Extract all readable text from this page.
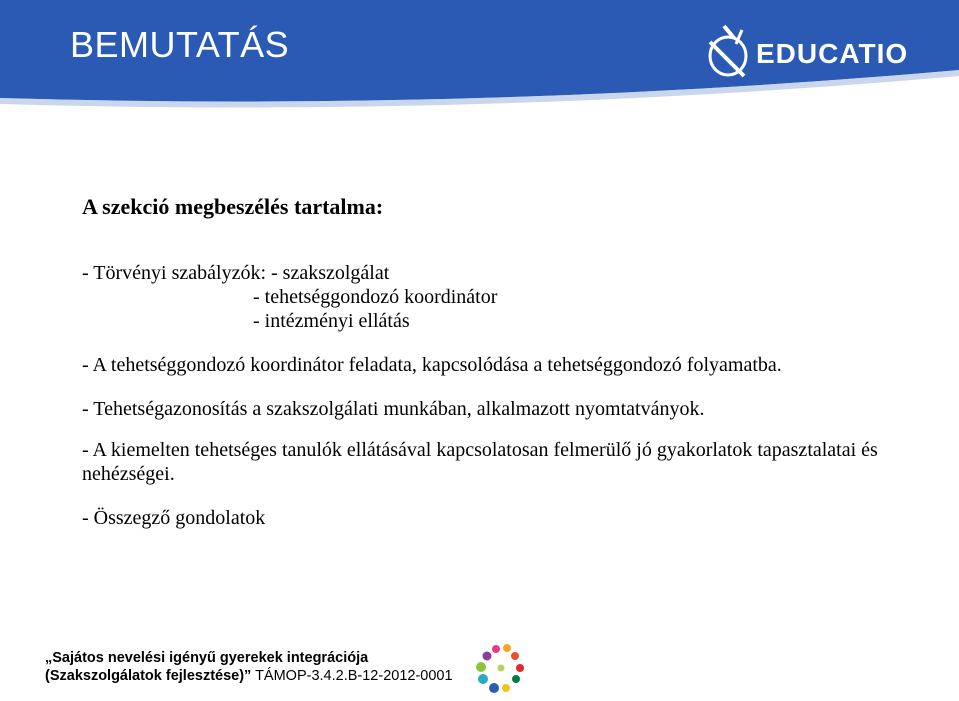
BEMUTATÁS	EDUCATIO
A szekció megbeszélés tartalma:
- Törvényi szabályzók: - szakszolgálat
- tehetséggondozó koordinátor
- intézményi ellátás

- A tehetséggondozó koordinátor feladata, kapcsolódása a tehetséggondozó folyamatba.

- Tehetségazonosítás a szakszolgálati munkában, alkalmazott nyomtatványok.

- A kiemelten tehetséges tanulók ellátásával kapcsolatosan felmerülő jó gyakorlatok tapasztalatai és nehézségei.

- Összegző gondolatok

„Sajátos nevelési igényű gyerekek integrációja
(Szakszolgálatok fejlesztése)” TÁMOP-3.4.2.B-12-2012-0001
